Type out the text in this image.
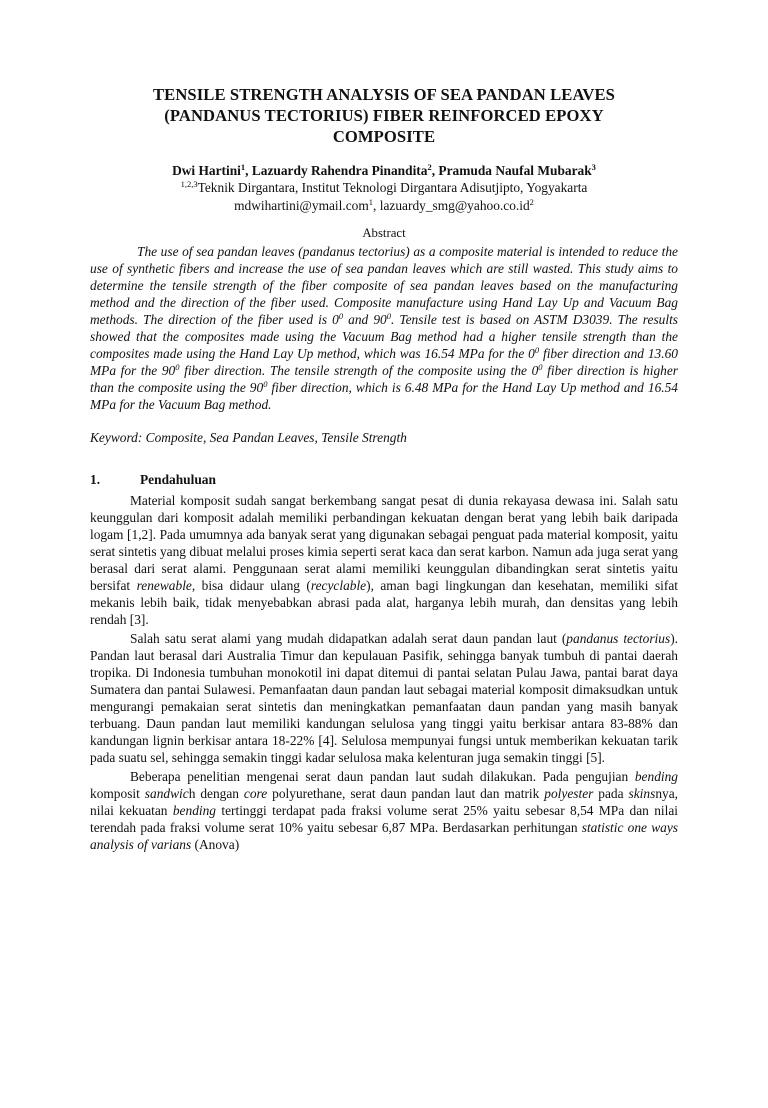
TENSILE STRENGTH ANALYSIS OF SEA PANDAN LEAVES
(PANDANUS TECTORIUS) FIBER REINFORCED EPOXY
COMPOSITE
Dwi Hartini$^1$, Lazuardy Rahendra Pinandita$^2$, Pramuda Naufal Mubarak$^3$
$^{1,2,3}$Teknik Dirgantara, Institut Teknologi Dirgantara Adisutjipto, Yogyakarta
mdwihartini@ymail.com$^1$, $lazuardy\_smg@yahoo.co.id^2$
Abstract

The use of sea pandan leaves (pandanus tectorius) as a composite material is intended to reduce the use of synthetic fibers and increase the use of sea pandan leaves which are still wasted. This study aims to determine the tensile strength of the fiber composite of sea pandan leaves based on the manufacturing method and the direction of the fiber used. Composite manufacture using Hand Lay Up and Vacuum Bag methods. The direction of the fiber used is $0^0$ and $90^0$. Tensile test is based on ASTM D3039. The results showed that the composites made using the Vacuum Bag method had a higher tensile strength than the composites made using the Hand Lay Up method, which was 16.54 MPa for the $0^0$ fiber direction and 13.60 MPa for the $90^0$ fiber direction. The tensile strength of the composite using the $0^0$ fiber direction is higher than the composite using the $90^0$ fiber direction, which is 6.48 MPa for the Hand Lay Up method and 16.54 MPa for the Vacuum Bag method.

Keyword: Composite, Sea Pandan Leaves, Tensile Strength
1.	Pendahuluan

Material komposit sudah sangat berkembang sangat pesat di dunia rekayasa dewasa ini. Salah satu keunggulan dari komposit adalah memiliki perbandingan kekuatan dengan berat yang lebih baik daripada logam [1,2]. Pada umumnya ada banyak serat yang digunakan sebagai penguat pada material komposit, yaitu serat sintetis yang dibuat melalui proses kimia seperti serat kaca dan serat karbon. Namun ada juga serat yang berasal dari serat alami. Penggunaan serat alami memiliki keunggulan dibandingkan serat sintetis yaitu bersifat renewable, bisa didaur ulang (recyclable), aman bagi lingkungan dan kesehatan, memiliki sifat mekanis lebih baik, tidak menyebabkan abrasi pada alat, harganya lebih murah, dan densitas yang lebih rendah [3].

Salah satu serat alami yang mudah didapatkan adalah serat daun pandan laut (pandanus tectorius). Pandan laut berasal dari Australia Timur dan kepulauan Pasifik, sehingga banyak tumbuh di pantai daerah tropika. Di Indonesia tumbuhan monokotil ini dapat ditemui di pantai selatan Pulau Jawa, pantai barat daya Sumatera dan pantai Sulawesi. Pemanfaatan daun pandan laut sebagai material komposit dimaksudkan untuk mengurangi pemakaian serat sintetis dan meningkatkan pemanfaatan daun pandan yang masih banyak terbuang. Daun pandan laut memiliki kandungan selulosa yang tinggi yaitu berkisar antara 83-88% dan kandungan lignin berkisar antara 18-22% [4]. Selulosa mempunyai fungsi untuk memberikan kekuatan tarik pada suatu sel, sehingga semakin tinggi kadar selulosa maka kelenturan juga semakin tinggi [5].

Beberapa penelitian mengenai serat daun pandan laut sudah dilakukan. Pada pengujian bending komposit sandwich dengan core polyurethane, serat daun pandan laut dan matrik polyester pada skinsnya, nilai kekuatan bending tertinggi terdapat pada fraksi volume serat 25% yaitu sebesar 8,54 MPa dan nilai terendah pada fraksi volume serat 10% yaitu sebesar 6,87 MPa. Berdasarkan perhitungan statistic one ways analysis of varians (Anova)
